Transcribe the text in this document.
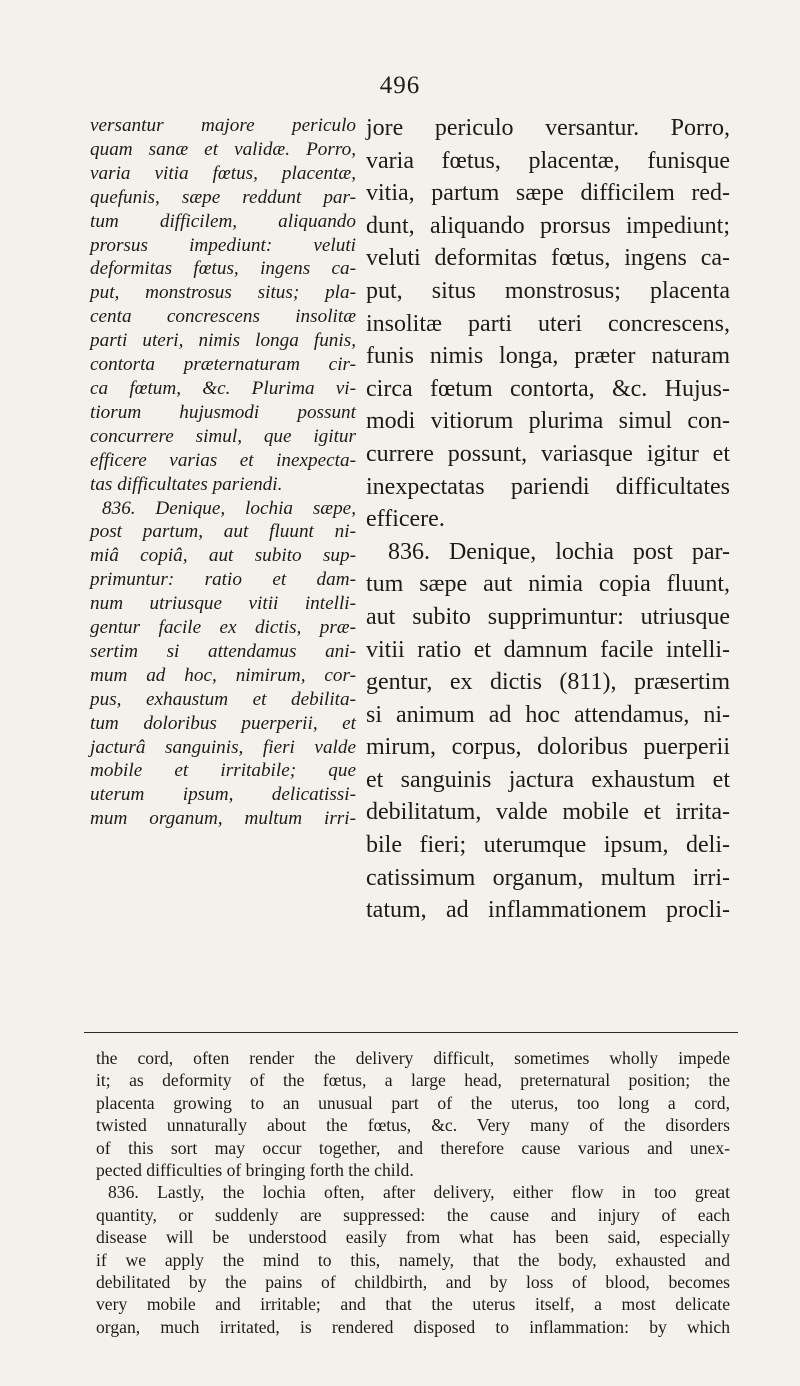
496
versantur majore periculo
quam sanæ et validæ. Porro,
varia vitia fœtus, placentæ,
quefunis, sæpe reddunt par-
tum difficilem, aliquando
prorsus impediunt: veluti
deformitas fœtus, ingens ca-
put, monstrosus situs; pla-
centa concrescens insolitæ
parti uteri, nimis longa funis,
contorta præternaturam cir-
ca fœtum, &c. Plurima vi-
tiorum hujusmodi possunt
concurrere simul, que igitur
efficere varias et inexpecta-
tas difficultates pariendi.
836. Denique, lochia sæpe,
post partum, aut fluunt ni-
miâ copiâ, aut subito sup-
primuntur: ratio et dam-
num utriusque vitii intelli-
gentur facile ex dictis, præ-
sertim si attendamus ani-
mum ad hoc, nimirum, cor-
pus, exhaustum et debilita-
tum doloribus puerperii, et
jacturâ sanguinis, fieri valde
mobile et irritabile; que
uterum ipsum, delicatissi-
mum organum, multum irri-
jore periculo versantur. Porro,
varia fœtus, placentæ, funisque
vitia, partum sæpe difficilem red-
dunt, aliquando prorsus impediunt;
veluti deformitas fœtus, ingens ca-
put, situs monstrosus; placenta
insolitæ parti uteri concrescens,
funis nimis longa, præter naturam
circa fœtum contorta, &c. Hujus-
modi vitiorum plurima simul con-
currere possunt, variasque igitur et
inexpectatas pariendi difficultates
efficere.
836. Denique, lochia post par-
tum sæpe aut nimia copia fluunt,
aut subito supprimuntur: utriusque
vitii ratio et damnum facile intelli-
gentur, ex dictis (811), præsertim
si animum ad hoc attendamus, ni-
mirum, corpus, doloribus puerperii
et sanguinis jactura exhaustum et
debilitatum, valde mobile et irrita-
bile fieri; uterumque ipsum, deli-
catissimum organum, multum irri-
tatum, ad inflammationem procli-
the cord, often render the delivery difficult, sometimes wholly impede
it; as deformity of the fœtus, a large head, preternatural position; the
placenta growing to an unusual part of the uterus, too long a cord,
twisted unnaturally about the fœtus, &c. Very many of the disorders
of this sort may occur together, and therefore cause various and unex-
pected difficulties of bringing forth the child.
836. Lastly, the lochia often, after delivery, either flow in too great
quantity, or suddenly are suppressed: the cause and injury of each
disease will be understood easily from what has been said, especially
if we apply the mind to this, namely, that the body, exhausted and
debilitated by the pains of childbirth, and by loss of blood, becomes
very mobile and irritable; and that the uterus itself, a most delicate
organ, much irritated, is rendered disposed to inflammation: by which
